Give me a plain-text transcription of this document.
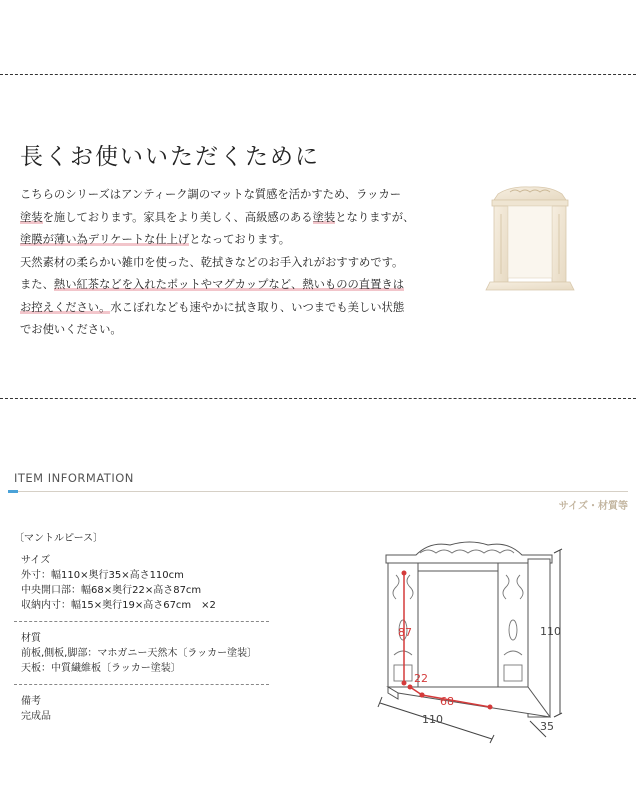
長くお使いいただくために
こちらのシリーズはアンティーク調のマットな質感を活かすため、ラッカー
塗装を施しております。家具をより美しく、高級感のある塗装となりますが、
塗膜が薄い為デリケートな仕上げとなっております。
天然素材の柔らかい雑巾を使った、乾拭きなどのお手入れがおすすめです。
また、熱い紅茶などを入れたポットやマグカップなど、熱いものの直置きは
お控えください。水こぼれなども速やかに拭き取り、いつまでも美しい状態
でお使いください。
ITEM INFORMATION
サイズ・材質等
〔マントルピース〕
サイズ
外寸：幅110×奥行35×高さ110cm
中央開口部：幅68×奥行22×高さ87cm
収納内寸：幅15×奥行19×高さ67cm　×2
材質
前板,側板,脚部：マホガニー天然木〔ラッカー塗装〕
天板：中質繊維板〔ラッカー塗装〕
備考
完成品
87
22
68
110
110
35
